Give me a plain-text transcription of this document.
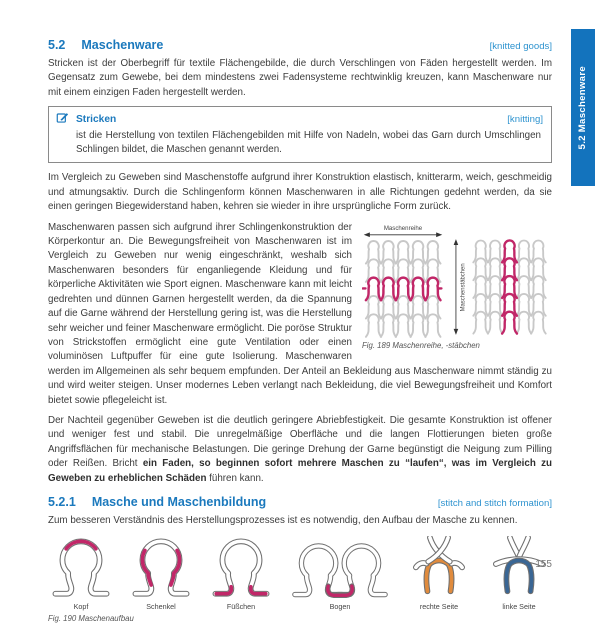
5.2 Maschenware	[knitted goods]

Stricken ist der Oberbegriff für textile Flächengebilde, die durch Verschlingen von Fäden hergestellt werden. Im Gegensatz zum Gewebe, bei dem mindestens zwei Fadensysteme rechtwinklig kreuzen, kann Maschenware nur mit einem einzigen Faden hergestellt werden.

Stricken	[knitting]
ist die Herstellung von textilen Flächengebilden mit Hilfe von Nadeln, wobei das Garn durch Umschlingen Schlingen bildet, die Maschen genannt werden.

Im Vergleich zu Geweben sind Maschenstoffe aufgrund ihrer Konstruktion elastisch, knitterarm, weich, geschmeidig und atmungsaktiv. Durch die Schlingenform können Maschenwaren in alle Richtungen gedehnt werden, da sie einen geringen Biegewiderstand haben, kehren sie wieder in ihre ursprüngliche Form zurück.

Maschenreihe
Maschenstäbchen
Fig. 189 Maschenreihe, -stäbchen

Maschenwaren passen sich aufgrund ihrer Schlingenkonstruktion der Körperkontur an. Die Bewegungsfreiheit von Maschenwaren ist im Vergleich zu Geweben nur wenig eingeschränkt, weshalb sich Maschenwaren besonders für enganliegende Kleidung und für körperliche Aktivitäten wie Sport eignen. Maschenware kann mit leicht gedrehten und dünnen Garnen hergestellt werden, da die Spannung auf die Garne während der Herstellung gering ist, was die Herstellung sehr weicher und feiner Maschenware ermöglicht. Die poröse Struktur von Strickstoffen ermöglicht eine gute Ventilation oder einen voluminösen Luftpuffer für eine gute Isolierung. Maschenwaren werden im Allgemeinen als sehr bequem empfunden. Der Anteil an Bekleidung aus Maschenware nimmt ständig zu und wird weiter steigen. Unser modernes Leben verlangt nach Bekleidung, die viel Bewegungsfreiheit und Komfort bietet sowie pflegeleicht ist.

Der Nachteil gegenüber Geweben ist die deutlich geringere Abriebfestigkeit. Die gesamte Konstruktion ist offener und weniger fest und stabil. Die unregelmäßige Oberfläche und die langen Flottierungen bieten große Angriffsflächen für mechanische Belastungen. Die geringe Drehung der Garne begünstigt die Neigung zum Pilling oder Reißen. Bricht ein Faden, so beginnen sofort mehrere Maschen zu “laufen“, was im Vergleich zu Geweben zu erheblichen Schäden führen kann.

5.2.1 Masche und Maschenbildung	[stitch and stitch formation]

Zum besseren Verständnis des Herstellungsprozesses ist es notwendig, den Aufbau der Masche zu kennen.

Kopf	Schenkel	Füßchen	Bogen	rechte Seite	linke Seite
Fig. 190 Maschenaufbau
5.2 Maschenware
155
